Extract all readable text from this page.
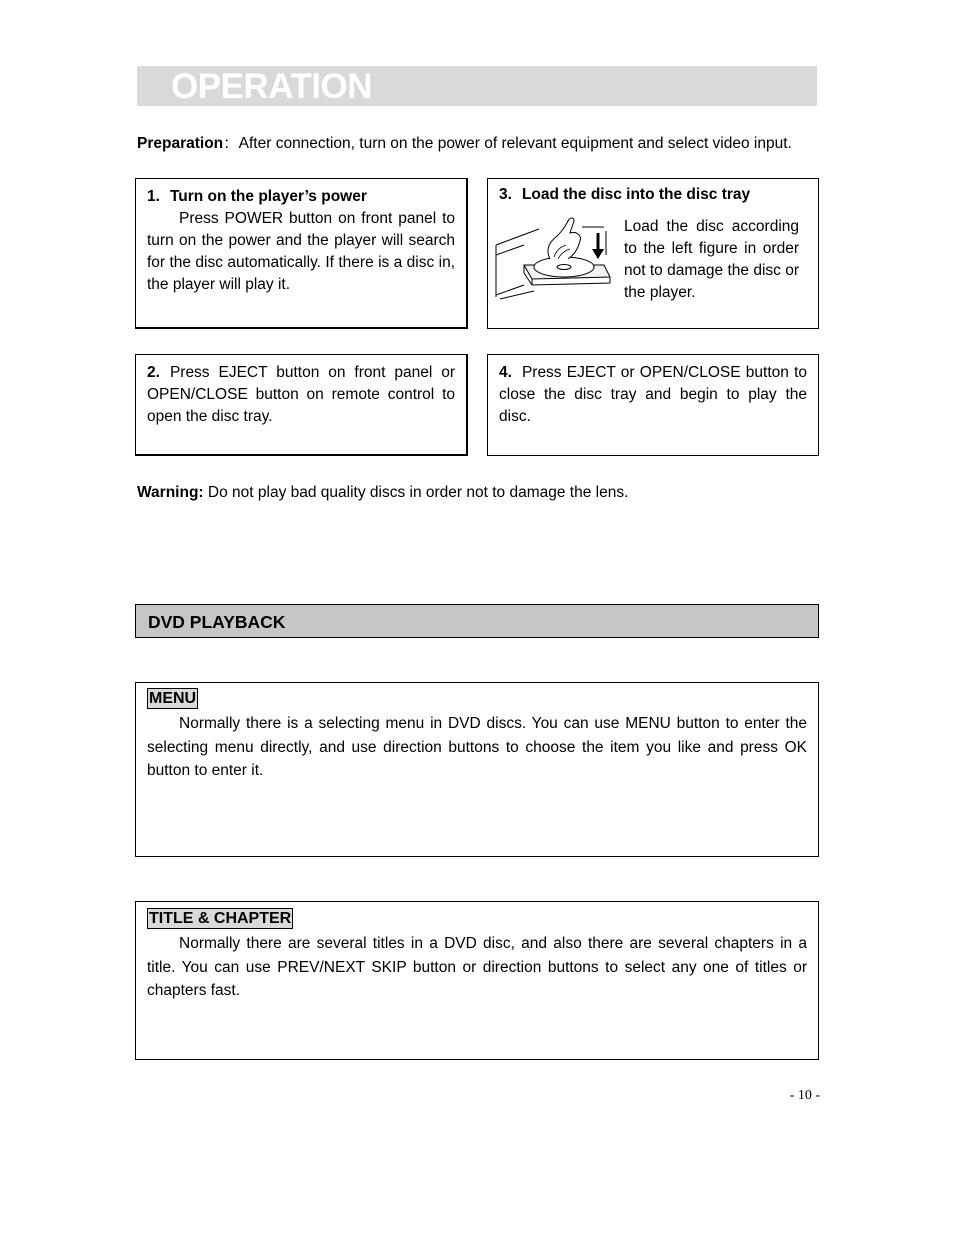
OPERATION
Preparation：After connection, turn on the power of relevant equipment and select video input.
1. Turn on the player’s power
Press POWER button on front panel to turn on the power and the player will search for the disc automatically. If there is a disc in, the player will play it.
3. Load the disc into the disc tray
Load the disc according to the left figure in order not to damage the disc or the player.
2. Press EJECT button on front panel or OPEN/CLOSE button on remote control to open the disc tray.
4. Press EJECT or OPEN/CLOSE button to close the disc tray and begin to play the disc.
Warning: Do not play bad quality discs in order not to damage the lens.
DVD PLAYBACK
MENU
Normally there is a selecting menu in DVD discs. You can use MENU button to enter the selecting menu directly, and use direction buttons to choose the item you like and press OK button to enter it.
TITLE & CHAPTER
Normally there are several titles in a DVD disc, and also there are several chapters in a title. You can use PREV/NEXT SKIP button or direction buttons to select any one of titles or chapters fast.
- 10 -
